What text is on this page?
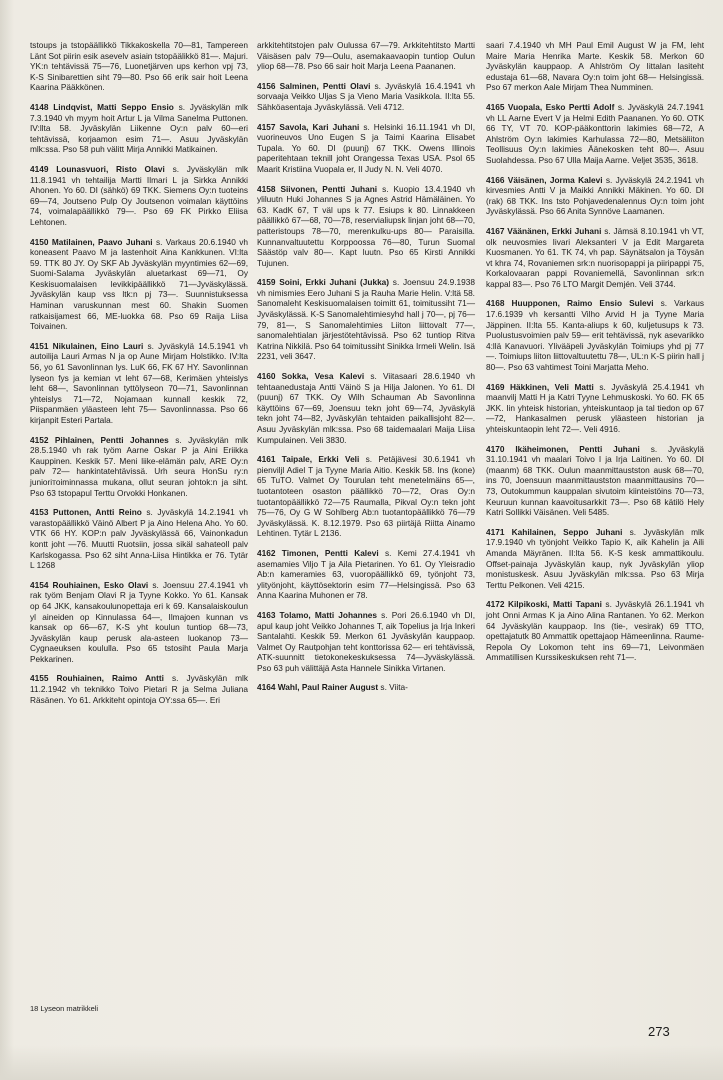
tstoups ja tstopäällikkö Tikkakoskella 70—81, Tampereen Länt Sot piirin esik asevelv asiain tstopäälikkö 81—. Majuri. YK:n tehtävissä 75—76, Luonetjärven ups kerhon vpj 73, K-S Sinibarettien siht 79—80. Pso 66 erik sair hoit Leena Kaarina Pääkkönen.

4148 Lindqvist, Matti Seppo Ensio s. Jyväskylän mlk 7.3.1940 vh myym hoit Artur L ja Vilma Sanelma Puttonen. IV:llta 58. Jyväskylän Liikenne Oy:n palv 60—eri tehtävissä, korjaamon esim 71—. Asuu Jyväskylän mlk:ssa. Pso 58 puh välitt Mirja Annikki Matikainen.

4149 Lounasvuori, Risto Olavi s. Jyväskylän mlk 11.8.1941 vh tehtailija Martti Ilmari L ja Sirkka Annikki Ahonen. Yo 60. DI (sähkö) 69 TKK. Siemens Oy:n tuoteins 69—74, Joutseno Pulp Oy Joutsenon voimalan käyttöins 74, voimalapäällikkö 79—. Pso 69 FK Pirkko Eliisa Lehtonen.

4150 Matilainen, Paavo Juhani s. Varkaus 20.6.1940 vh koneasent Paavo M ja lastenhoit Aina Kankkunen. VI:lta 59. TTK 80 JY. Oy SKF Ab Jyväskylän myyntimies 62—69, Suomi-Salama Jyväskylän aluetarkast 69—71, Oy Keskisuomalaisen levikkipäällikkö 71—Jyväskylässä. Jyväskylän kaup vss ltk:n pj 73—. Suunnistuksessa Haminan varuskunnan mest 60. Shakin Suomen ratkaisijamest 66, ME-luokka 68. Pso 69 Raija Liisa Toivainen.

4151 Nikulainen, Eino Lauri s. Jyväskylä 14.5.1941 vh autoilija Lauri Armas N ja op Aune Mirjam Holstikko. IV:lta 56, yo 61 Savonlinnan lys. LuK 66, FK 67 HY. Savonlinnan lyseon fys ja kemian vt leht 67—68, Kerimäen yhteislys leht 68—, Savonlinnan tyttölyseon 70—71, Savonlinnan yhteislys 71—72, Nojamaan kunnall keskik 72, Piispanmäen yläasteen leht 75— Savonlinnassa. Pso 66 kirjanpit Esteri Partala.

4152 Pihlainen, Pentti Johannes s. Jyväskylän mlk 28.5.1940 vh rak työm Aarne Oskar P ja Aini Eriikka Kauppinen. Keskik 57. Meni liike-elämän palv, ARE Oy:n palv 72— hankintatehtävissä. Urh seura HonSu ry:n juniorітоiminnassa mukana, ollut seuran johtok:n ja siht. Pso 63 tstopapul Terttu Orvokki Honkanen.

4153 Puttonen, Antti Reino s. Jyväskylä 14.2.1941 vh varastopäällikkö Väinö Albert P ja Aino Helena Aho. Yo 60. VTK 66 HY. KOP:n palv Jyväskylässä 66, Vainonkadun kontt joht —76. Muutti Ruotsiin, jossa sikäl sahateoll palv Karlskogassa. Pso 62 siht Anna-Liisa Hintikka er 76. Tytär L 1268

4154 Rouhiainen, Esko Olavi s. Joensuu 27.4.1941 vh rak työm Benjam Olavi R ja Tyyne Kokko. Yo 61. Kansak op 64 JKK, kansakoulunopettaja eri k 69. Kansalaiskoulun yl aineiden op Kinnulassa 64—, Ilmajoen kunnan vs kansak op 66—67, K-S yht koulun tuntiop 68—73, Jyväskylän kaup perusk ala-asteen luokanop 73—Cygnaeuksen koululla. Pso 65 tstosiht Paula Marja Pekkarinen.

4155 Rouhiainen, Raimo Antti s. Jyväskylän mlk 11.2.1942 vh teknikko Toivo Pietari R ja Selma Juliana Räsänen. Yo 61. Arkkiteht opintoja OY:ssa 65—. Eri

arkkitehtitstojen palv Oulussa 67—79. Arkkitehtitsto Martti Väisäsen palv 79—Oulu, asemakaavaopin tuntiop Oulun yliop 68—78. Pso 66 sair hoit Marja Leena Paananen.

4156 Salminen, Pentti Olavi s. Jyväskylä 16.4.1941 vh sorvaaja Veikko Uljas S ja Vieno Maria Vasikkola. II:lta 55. Sähköasentaja Jyväskylässä. Veli 4712.

4157 Savola, Kari Juhani s. Helsinki 16.11.1941 vh DI, vuorineuvos Uno Eugen S ja Taimi Kaarina Elisabet Tupala. Yo 60. DI (puunj) 67 TKK. Owens Illinois paperitehtaan teknill joht Orangessa Texas USA. Psol 65 Maarit Kristiina Vuopala er, II Judy N. N. Veli 4070.

4158 Siivonen, Pentti Juhani s. Kuopio 13.4.1940 vh yliluutn Huki Johannes S ja Agnes Astrid Hämäläinen. Yo 63. KadK 67, T väl ups k 77. Esiups k 80. Linnakkeen päällikkö 67—68, 70—78, reservialiupsk linjan joht 68—70, patteristoups 78—70, merenkulku-ups 80— Paraisilla. Kunnanvaltuutettu Korppoossa 76—80, Turun Suomal Säästöp valv 80—. Kapt luutn. Pso 65 Kirsti Annikki Tujunen.

4159 Soini, Erkki Juhani (Jukka) s. Joensuu 24.9.1938 vh nimismies Eero Juhani S ja Rauha Marie Helin. V:ltä 58. Sanomaleht Keskisuomalaisen toimitt 61, toimitussiht 71— Jyväskylässä. K-S Sanomalehtimiesyhd hall j 70—, pj 76—79, 81—, S Sanomalehtimies Liiton liittovalt 77—, sanomalehtialan järjestötehtävissä. Pso 62 tuntiop Ritva Katrina Nikkilä. Pso 64 toimitussiht Sinikka Irmeli Welin. Isä 2231, veli 3647.

4160 Sokka, Vesa Kalevi s. Viitasaari 28.6.1940 vh tehtaanedustaja Antti Väinö S ja Hilja Jalonen. Yo 61. DI (puunj) 67 TKK. Oy Wilh Schauman Ab Savonlinna käyttöins 67—69, Joensuu tekn joht 69—74, Jyväskylä tekn joht 74—82, Jyväskylän tehtaiden paikallisjoht 82—. Asuu Jyväskylän mlk:ssa. Pso 68 taidemaalari Maija Liisa Kumpulainen. Veli 3830.

4161 Taipale, Erkki Veli s. Petäjävesi 30.6.1941 vh pienviljl Adiel T ja Tyyne Maria Aitio. Keskik 58. Ins (kone) 65 TuTO. Valmet Oy Tourulan teht menetelmäins 65—, tuotantoteen osaston päällikkö 70—72, Oras Oy:n tuotantopäällikkö 72—75 Raumalla, Pikval Oy:n tekn joht 75—76, Oy G W Sohlberg Ab:n tuotantopäällikkö 76—79 Jyväskylässä. K. 8.12.1979. Pso 63 piirtäjä Riitta Ainamo Lehtinen. Tytär L 2136.

4162 Timonen, Pentti Kalevi s. Kemi 27.4.1941 vh asemamies Viljo T ja Aila Pietarinen. Yo 61. Oy Yleisradio Ab:n kameramies 63, vuoropäällikkö 69, työnjoht 73, ylityönjoht, käyttösektorin esim 77—Helsingissä. Pso 63 Anna Kaarina Muhonen er 78.

4163 Tolamo, Matti Johannes s. Pori 26.6.1940 vh DI, apul kaup joht Veikko Johannes T, aik Topelius ja Irja Inkeri Santalahti. Keskik 59. Merkon 61 Jyväskylän kauppaop. Valmet Oy Rautpohjan teht konttorissa 62— eri tehtävissä, ATK-suunnitt tietokonekeskuksessa 74—Jyväskylässä. Pso 63 puh välittäjä Asta Hannele Sinikka Virtanen.

4164 Wahl, Paul Rainer August s. Viita-

saari 7.4.1940 vh MH Paul Emil August W ja FM, leht Maire Maria Henrika Marte. Keskik 58. Merkon 60 Jyväskylän kauppaop. A Ahlström Oy Iittalan lasiteht edustaja 61—68, Navara Oy:n toim joht 68— Helsingissä. Pso 67 merkon Aale Mirjam Thea Numminen.

4165 Vuopala, Esko Pertti Adolf s. Jyväskylä 24.7.1941 vh LL Aarne Evert V ja Helmi Edith Paananen. Yo 60. OTK 66 TY, VT 70. KOP-pääkonttorin lakimies 68—72, A Ahlström Oy:n lakimies Karhulassa 72—80, Metsäliiton Teollisuus Oy:n lakimies Äänekosken teht 80—. Asuu Suolahdessa. Pso 67 Ulla Maija Aarne. Veljet 3535, 3618.

4166 Väisänen, Jorma Kalevi s. Jyväskylä 24.2.1941 vh kirvesmies Antti V ja Maikki Annikki Mäkinen. Yo 60. DI (rak) 68 TKK. Ins tsto Pohjavedenalennus Oy:n toim joht Jyväskylässä. Pso 66 Anita Synnöve Laamanen.

4167 Väänänen, Erkki Juhani s. Jämsä 8.10.1941 vh VT, olk neuvosmies Iivari Aleksanteri V ja Edit Margareta Kuosmanen. Yo 61. TK 74, vh pap. Säynätsalon ja Töysän vt khra 74, Rovaniemen srk:n nuorisopappi ja piiripappi 75, Korkalovaaran pappi Rovaniemellä, Savonlinnan srk:n kappal 83—. Pso 76 LTO Margit Demjén. Veli 3744.

4168 Huupponen, Raimo Ensio Sulevi s. Varkaus 17.6.1939 vh kersantti Vilho Arvid H ja Tyyne Maria Jäppinen. II:lta 55. Kanta-aliups k 60, kuljetusups k 73. Puolustusvoimien palv 59— erit tehtävissä, nyk asevarikko 4:llä Kanavuori. Ylivääpeli Jyväskylän Toimiups yhd pj 77—. Toimiups liiton liittovaltuutettu 78—, UL:n K-S piirin hall j 80—. Pso 63 vahtimest Toini Marjatta Meho.

4169 Häkkinen, Veli Matti s. Jyväskylä 25.4.1941 vh maanvilj Matti H ja Katri Tyyne Lehmuskoski. Yo 60. FK 65 JKK. Iin yhteisk historian, yhteiskuntaop ja tal tiedon op 67—72, Hankasalmen perusk yläasteen historian ja yhteiskuntaopin leht 72—. Veli 4916.

4170 Ikäheimonen, Pentti Juhani s. Jyväskylä 31.10.1941 vh maalari Toivo I ja Irja Laitinen. Yo 60. DI (maanm) 68 TKK. Oulun maanmittaustston ausk 68—70, ins 70, Joensuun maanmittaustston maanmittausins 70—73, Outokummun kauppalan sivutoim kiinteistöins 70—73, Keuruun kunnan kaavoitusarkkit 73—. Pso 68 kätilö Hely Katri Sollikki Väisänen. Veli 5485.

4171 Kahilainen, Seppo Juhani s. Jyväskylän mlk 17.9.1940 vh työnjoht Veikko Tapio K, aik Kahelin ja Aili Amanda Mäyränen. II:lta 56. K-S kesk ammattikoulu. Offset-painaja Jyväskylän kaup, nyk Jyväskylän yliop monistuskesk. Asuu Jyväskylän mlk:ssa. Pso 63 Mirja Terttu Pelkonen. Veli 4215.

4172 Kilpikoski, Matti Tapani s. Jyväskylä 26.1.1941 vh joht Onni Armas K ja Aino Alina Rantanen. Yo 62. Merkon 64 Jyväskylän kauppaop. Ins (tie-, vesirak) 69 TTO, opettajatutk 80 Ammattik opettajaop Hämeenlinna. Raume-Repola Oy Lokomon teht ins 69—71, Leivonmäen Ammatillisen Kurssikeskuksen reht 71—.

18 Lyseon matrikkeli
273
